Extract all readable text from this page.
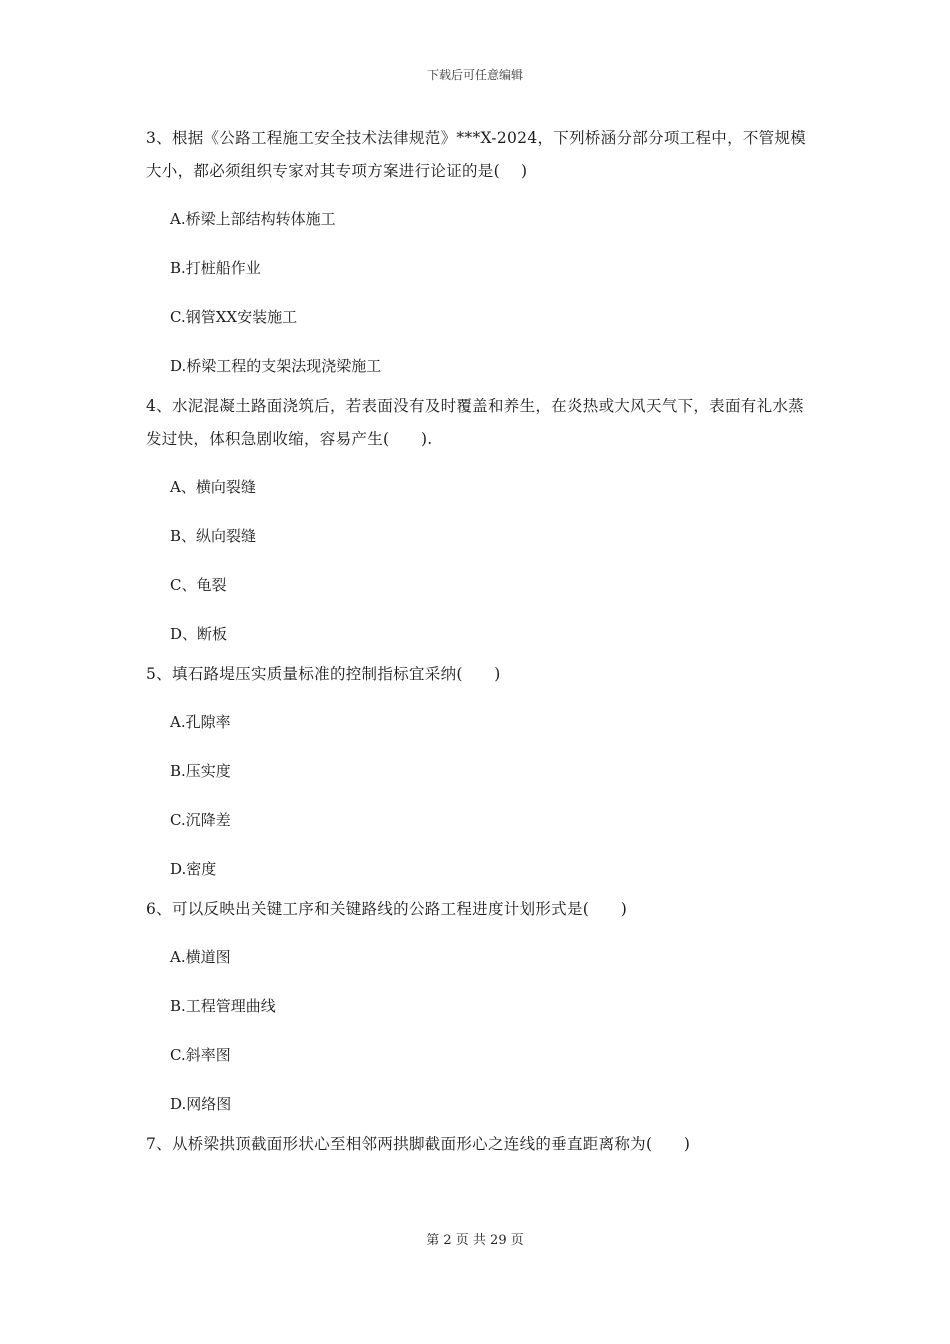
下载后可任意编辑

3、根据《公路工程施工安全技术法律规范》***X-2024，下列桥涵分部分项工程中，不管规模大小，都必须组织专家对其专项方案进行论证的是(　 )

A.桥梁上部结构转体施工
B.打桩船作业
C.钢管XX安装施工
D.桥梁工程的支架法现浇梁施工

4、水泥混凝土路面浇筑后，若表面没有及时覆盖和养生，在炎热或大风天气下，表面有礼水蒸发过快，体积急剧收缩，容易产生(　　).

A、横向裂缝
B、纵向裂缝
C、龟裂
D、断板

5、填石路堤压实质量标准的控制指标宜采纳(　　)

A.孔隙率
B.压实度
C.沉降差
D.密度

6、可以反映出关键工序和关键路线的公路工程进度计划形式是(　　)

A.横道图
B.工程管理曲线
C.斜率图
D.网络图

7、从桥梁拱顶截面形状心至相邻两拱脚截面形心之连线的垂直距离称为(　　)

第 2 页 共 29 页
